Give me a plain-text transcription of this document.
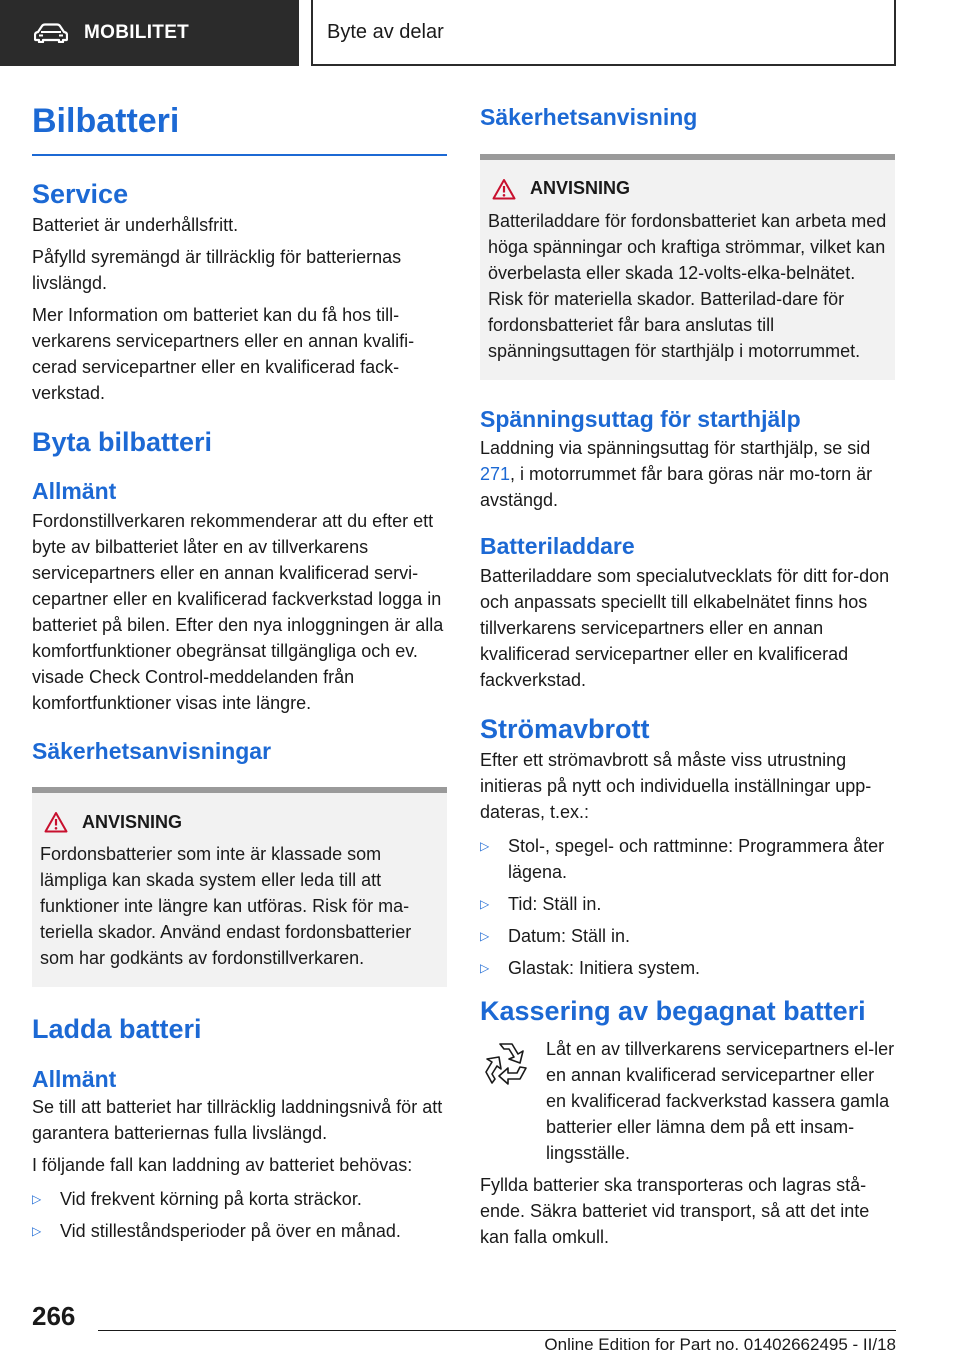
MOBILITET	Byte av delar
Bilbatteri
Service

Batteriet är underhållsfritt.

Påfylld syremängd är tillräcklig för batteriernas livslängd.

Mer Information om batteriet kan du få hos till-verkarens servicepartners eller en annan kvalifi-cerad servicepartner eller en kvalificerad fack-verkstad.

Byta bilbatteri
Allmänt

Fordonstillverkaren rekommenderar att du efter ett byte av bilbatteriet låter en av tillverkarens servicepartners eller en annan kvalificerad servi-cepartner eller en kvalificerad fackverkstad logga in batteriet på bilen. Efter den nya inloggningen är alla komfortfunktioner obegränsat tillgängliga och ev. visade Check Control-meddelanden från komfortfunktioner visas inte längre.

Säkerhetsanvisningar
ANVISNING

Fordonsbatterier som inte är klassade som lämpliga kan skada system eller leda till att funktioner inte längre kan utföras. Risk för ma-teriella skador. Använd endast fordonsbatterier som har godkänts av fordonstillverkaren.

Ladda batteri
Allmänt

Se till att batteriet har tillräcklig laddningsnivå för att garantera batteriernas fulla livslängd.

I följande fall kan laddning av batteriet behövas:

▷	Vid frekvent körning på korta sträckor.
▷	Vid stilleståndsperioder på över en månad.
Säkerhetsanvisning
ANVISNING

Batteriladdare för fordonsbatteriet kan arbeta med höga spänningar och kraftiga strömmar, vilket kan överbelasta eller skada 12-volts-elka-belnätet. Risk för materiella skador. Batterilad-dare för fordonsbatteriet får bara anslutas till spänningsuttagen för starthjälp i motorrummet.

Spänningsuttag för starthjälp

Laddning via spänningsuttag för starthjälp, se sid 271, i motorrummet får bara göras när mo-torn är avstängd.

Batteriladdare

Batteriladdare som specialutvecklats för ditt for-don och anpassats speciellt till elkabelnätet finns hos tillverkarens servicepartners eller en annan kvalificerad servicepartner eller en kvalificerad fackverkstad.

Strömavbrott

Efter ett strömavbrott så måste viss utrustning initieras på nytt och individuella inställningar upp-dateras, t.ex.:

▷	Stol-, spegel- och rattminne: Programmera åter lägena.
▷	Tid: Ställ in.
▷	Datum: Ställ in.
▷	Glastak: Initiera system.
Kassering av begagnat batteri

Låt en av tillverkarens servicepartners el-ler en annan kvalificerad servicepartner eller en kvalificerad fackverkstad kassera gamla batterier eller lämna dem på ett insam-lingsställe.

Fyllda batterier ska transporteras och lagras stå-ende. Säkra batteriet vid transport, så att det inte kan falla omkull.

266
Online Edition for Part no. 01402662495 - II/18
